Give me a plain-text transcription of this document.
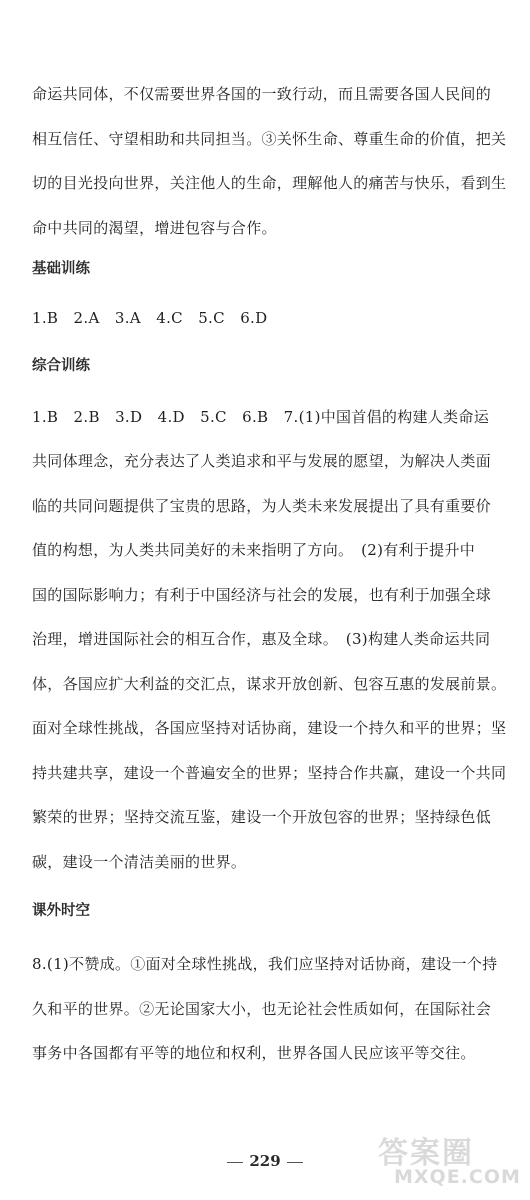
命运共同体，不仅需要世界各国的一致行动，而且需要各国人民间的

相互信任、守望相助和共同担当。③关怀生命、尊重生命的价值，把关

切的目光投向世界，关注他人的生命，理解他人的痛苦与快乐，看到生

命中共同的渴望，增进包容与合作。

基础训练

1.B　2.A　3.A　4.C　5.C　6.D

综合训练

1.B　2.B　3.D　4.D　5.C　6.B　7.(1)中国首倡的构建人类命运

共同体理念，充分表达了人类追求和平与发展的愿望，为解决人类面

临的共同问题提供了宝贵的思路，为人类未来发展提出了具有重要价

值的构想，为人类共同美好的未来指明了方向。　(2)有利于提升中

国的国际影响力；有利于中国经济与社会的发展，也有利于加强全球

治理，增进国际社会的相互合作，惠及全球。　(3)构建人类命运共同

体，各国应扩大利益的交汇点，谋求开放创新、包容互惠的发展前景。

面对全球性挑战，各国应坚持对话协商，建设一个持久和平的世界；坚

持共建共享，建设一个普遍安全的世界；坚持合作共赢，建设一个共同

繁荣的世界；坚持交流互鉴，建设一个开放包容的世界；坚持绿色低

碳，建设一个清洁美丽的世界。

课外时空

8.(1)不赞成。①面对全球性挑战，我们应坚持对话协商，建设一个持

久和平的世界。②无论国家大小，也无论社会性质如何，在国际社会

事务中各国都有平等的地位和权利，世界各国人民应该平等交往。

229	答案圈
MXQE.COM
